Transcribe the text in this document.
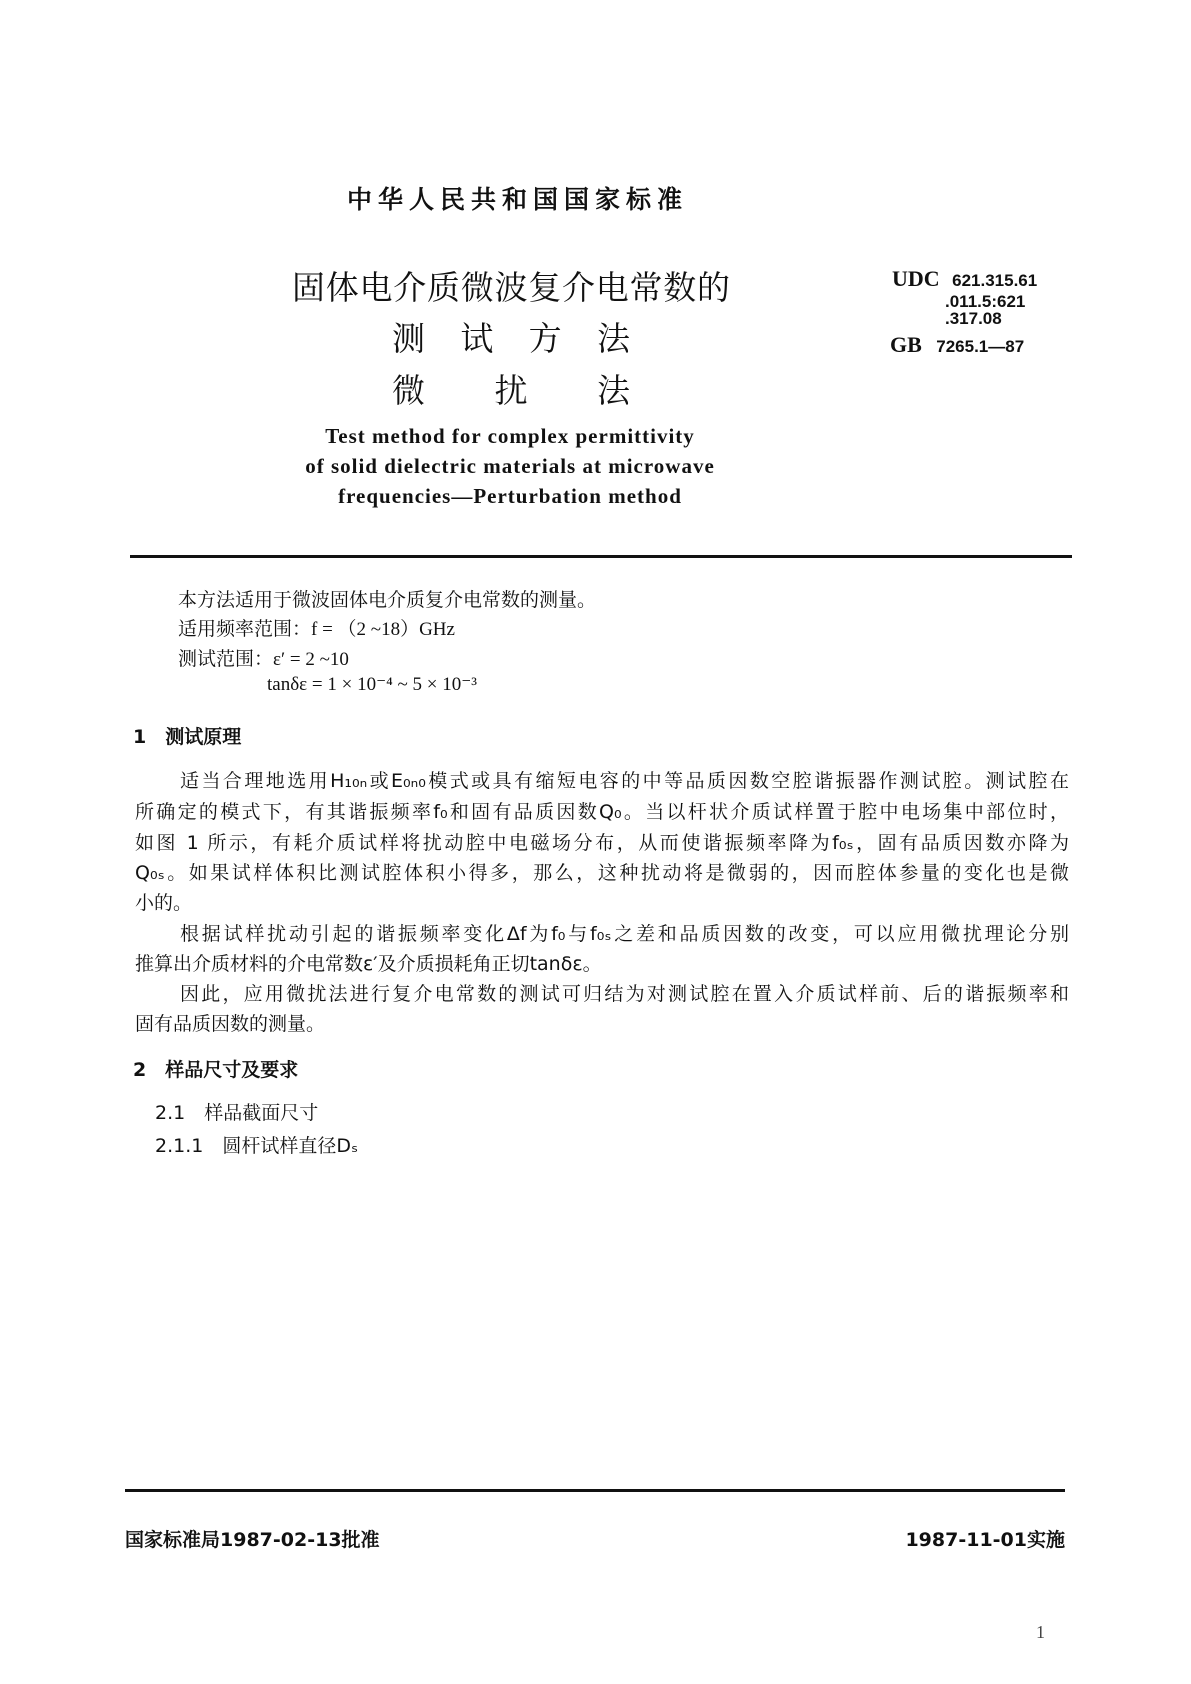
中华人民共和国国家标准
固体电介质微波复介电常数的
测试方法
微扰法
Test method for complex permittivity
of solid dielectric materials at microwave
frequencies—Perturbation method
UDC 621.315.61
.011.5:621
.317.08
GB 7265.1—87
本方法适用于微波固体电介质复介电常数的测量。
适用频率范围：f = （2 ~18）GHz
测试范围：ε′ = 2 ~10
tanδε = 1 × 10⁻⁴ ~ 5 × 10⁻³
1　测试原理
适当合理地选用H₁₀ₙ或E₀ₙ₀模式或具有缩短电容的中等品质因数空腔谐振器作测试腔。测试腔在
所确定的模式下，有其谐振频率f₀和固有品质因数Q₀。当以杆状介质试样置于腔中电场集中部位时，
如图 1 所示，有耗介质试样将扰动腔中电磁场分布，从而使谐振频率降为f₀ₛ，固有品质因数亦降为
Q₀ₛ。如果试样体积比测试腔体积小得多，那么，这种扰动将是微弱的，因而腔体参量的变化也是微
小的。
根据试样扰动引起的谐振频率变化Δf为f₀与f₀ₛ之差和品质因数的改变，可以应用微扰理论分别
推算出介质材料的介电常数ε′及介质损耗角正切tanδε。
因此，应用微扰法进行复介电常数的测试可归结为对测试腔在置入介质试样前、后的谐振频率和
固有品质因数的测量。
2　样品尺寸及要求
2.1　样品截面尺寸
2.1.1　圆杆试样直径Dₛ
国家标准局1987-02-13批准	1987-11-01实施
1
